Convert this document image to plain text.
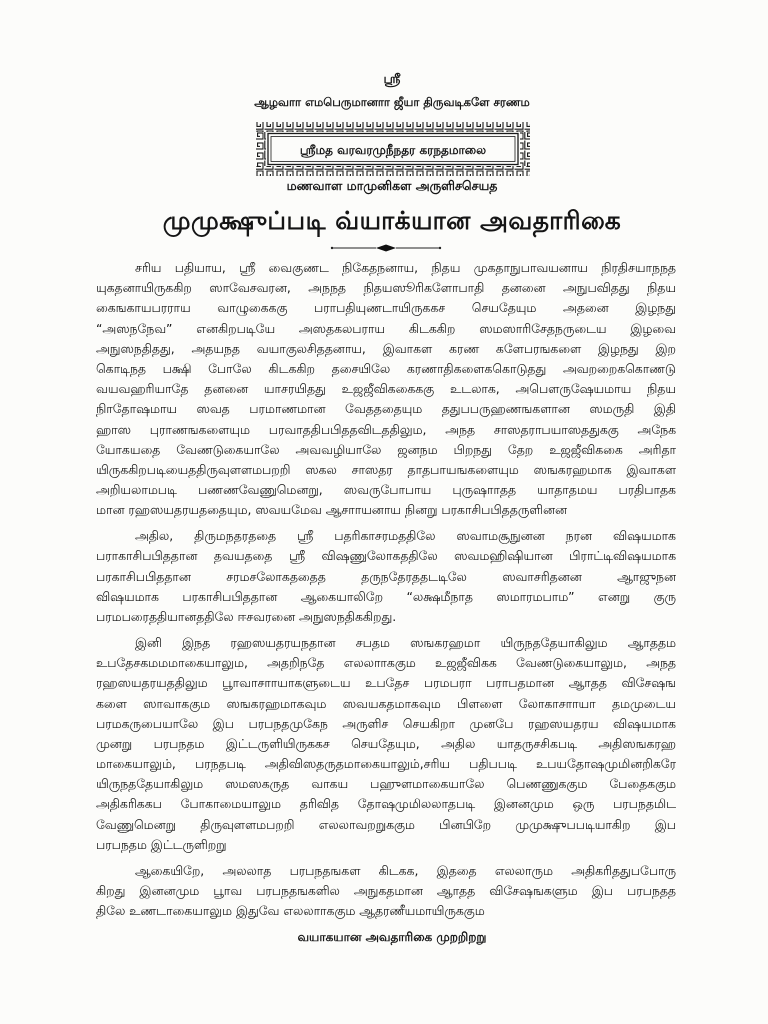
ஸ்ரீ
ஆழவாா எமபெருமானாா ஜீயா திருவடிகளே சரணம
ஸ்ரீமத வரவரமுநீநதர கரநதமாலை
மணவாள மாமுனிகள அருளிசசெயத
முமுக்ஷுப்படி வ்யாக்யான அவதாரிகை
சரிய பதியாய, ஸ்ரீ வைகுணட நிகேதநனாய, நிதய முகதாநுபாவயனாய நிரதிசயாநநத
யுகதனாயிருககிற ஸாவேசவரன, அநநத நிதயஸூரிகளோபாதி தனனை அநுபவிதது நிதய
கைஙகாயபரராய வாழுகைககு பராபதியுணடாயிருககச செயதேயும அதனை இழநது
“அஸநநேவ” எனகிறபடியே அஸதகலபராய கிடககிற ஸமஸாரிசேதநருடைய இழவை
அநுஸநதிதது, அதயநத வயாகுலசிததனாய, இவாகள கரண களேபரஙகளை இழநது இற
கொடிநத பக்ஷி போலே கிடககிற தசையிலே கரணாதிகளைககொடுதது அவறறைககொணடு
வயவஹரியாதே தனனை யாசரயிதது உஜஜீவிககைககு உடலாக, அபௌருஷேயமாய நிதய
நிாதோஷமாய ஸவத பரமாணமான வேதததையும ததுபபருஹணஙகளான ஸமருதி இதி
ஹாஸ புராணஙகளையும பரவாததிபபிததவிடததிலும, அநத சாஸதராபயாஸததுககு அநேக
யோகயதை வேணடுகையாலே அவவழியாலே ஜனநம பிறநது தேற உஜஜீவிககை அரிதா
யிருககிறபடியைததிருவுளளமபறறி ஸகல சாஸதர தாதபாயஙகளையும ஸஙகரஹமாக இவாகள
அறியலாமபடி பணணவேணுமெனறு, ஸவருபோபாய புருஷாாதத யாதாதமய பரதிபாதக
மான ரஹஸயதரயததையும, ஸவயமேவ ஆசாாயனாய நினறு பரகாசிபபிததருளினன
அதில, திருமநதரததை ஸ்ரீ பதரிகாசரமததிலே ஸவாமசூநுனன நரன விஷயமாக
பராகாசிபபிததான தவயததை ஸ்ரீ விஷணுலோகததிலே ஸவமஹிஷியான பிராட்டிவிஷயமாக
பரகாசிபபிததான சரமசலோகததைத தருநதேரததடடிலே ஸவாசரிதனன ஆாஜுநன
விஷயமாக பரகாசிபபிததான ஆகையாலிறே “லக்ஷமீநாத ஸமாரமபாம” எனறு குரு
பரமபரைததியானததிலே ஈசவரனை அநுஸநதிககிறது.
இனி இநத ரஹஸயதரயநதான சபதம ஸஙகரஹமா யிருநததேயாகிலும ஆாததம
உபதேசகமமமாகையாலும, அதறிநதே எலலாாககும உஜஜீவிகக வேணடுகையாலும, அநத
ரஹஸயதரயததிலும பூாவாசாாயாகளுடைய உபதேச பரமபரா பராபதமான ஆாதத விசேஷங
களை ஸாவாககும ஸஙகரஹமாகவும ஸவயகதமாகவும பிளளை லோகாசாாயா தமமுடைய
பரமகருபையாலே இப பரபநதமுகேந அருளிச செயகிறா முனபே ரஹஸயதரய விஷயமாக
முனறு பரபநதம இட்டருளியிருககச செயதேயும, அதில யாதருசசிகபடி அதிஸஙகரஹ
மாகையாலும், பரநதபடி அதிவிஸதருதமாகையாலும்,சரிய பதிபபடி உபயதோஷமுமினறிகரே
யிருநததேயாகிலும ஸமஸகருத வாகய பஹுளமாகையாலே பெணணுககும பேதைககும
அதிகரிககப போகாமையாலும தரிவித தோஷமுமிலலாதபடி இனனமும ஒரு பரபநதமிட
வேணுமெனறு திருவுளளமபறறி எலலாவறறுககும பினபிறே முமுக்ஷுபபடியாகிற இப
பரபநதம இட்டருளிறறு
ஆகையிறே, அலலாத பரபநதஙகள கிடகக, இததை எலலாரும அதிகரிததுபபோரு
கிறது இனனமும பூாவ பரபநதஙகளில அநுகதமான ஆாதத விசேஷஙகளும இப பரபநதத
திலே உணடாகையாலும இதுவே எலலாாககும ஆதரணீயமாயிருககும
வயாகயான அவதாரிகை முறறிறறு
